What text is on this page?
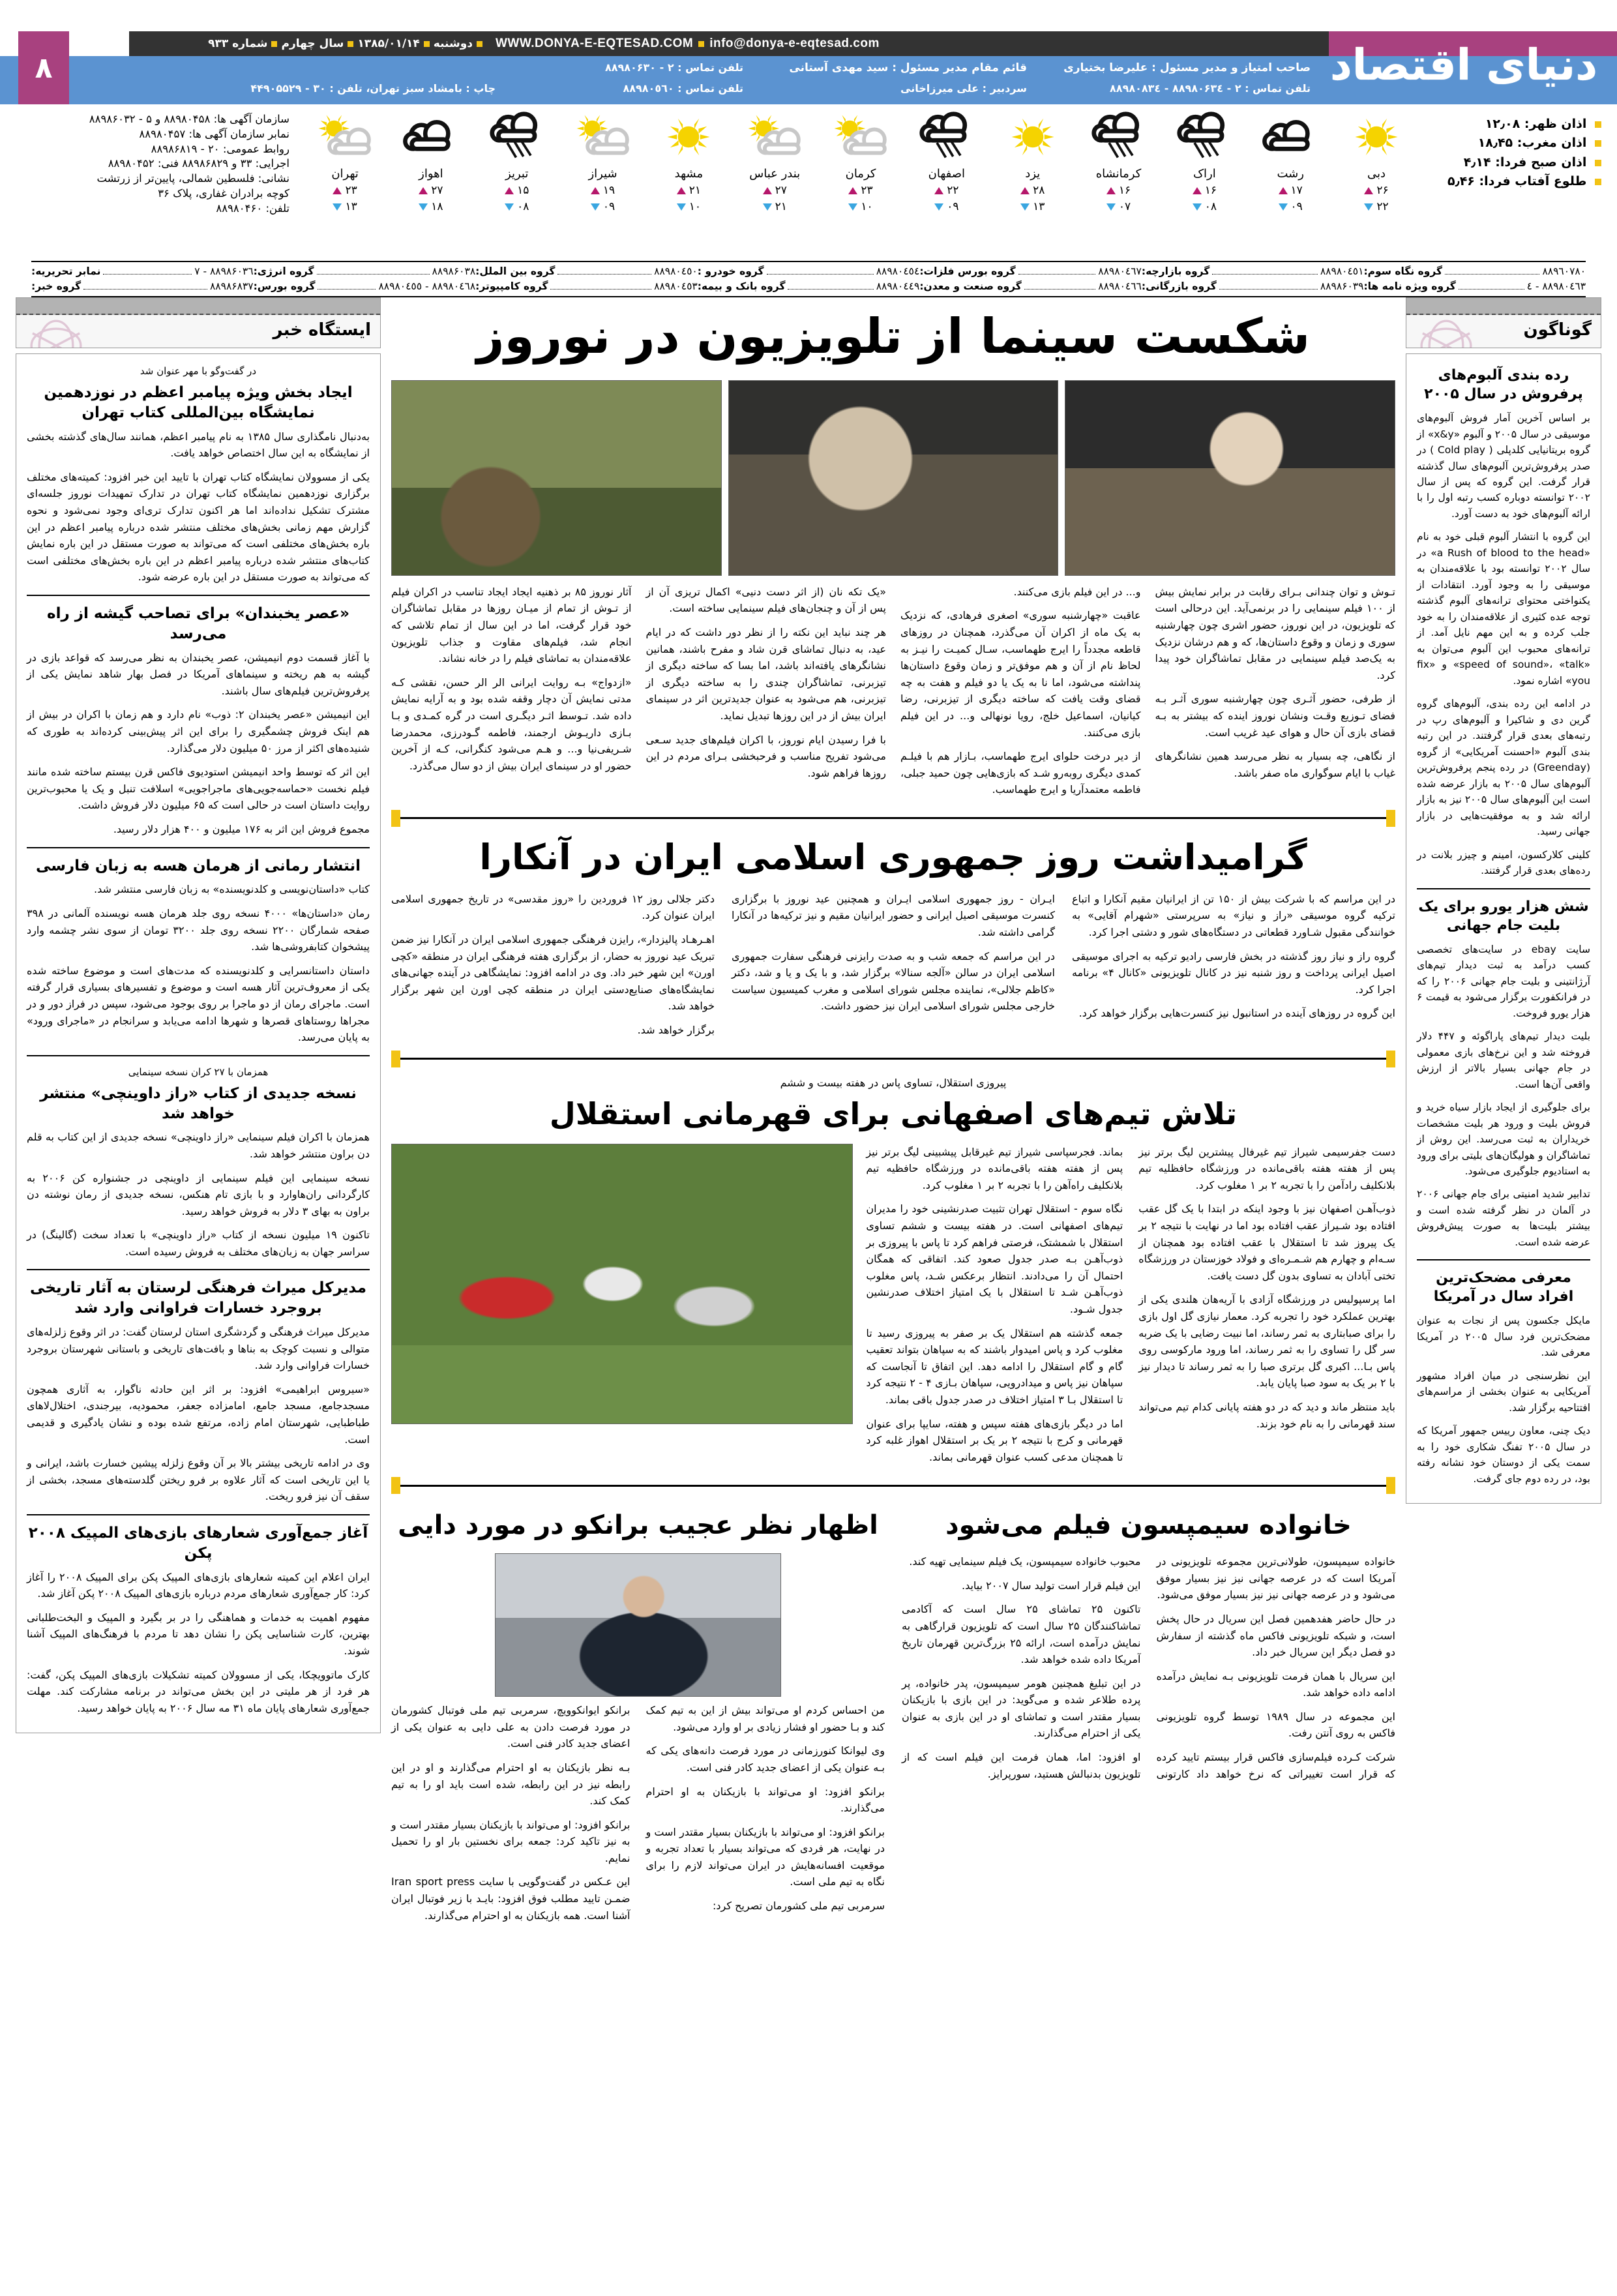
۸
دوشنبه
۱۳۸۵/۰۱/۱۴
سال چهارم
شماره ۹۳۳	WWW.DONYA-E-EQTESAD.COM info@donya-e-eqtesad.com	دنیای اقتصاد
صاحب امتیاز و مدیر مسئول : علیرضا بختیاری
تلفن تماس : ۲ - ۸۸۹۸۰۶۳٤ - ۸۸۹۸۰۸۳٤
قائم مقام مدیر مسئول : سید مهدی آستانی
سردبیر : علی میرزاخانی
تلفن تماس : ۲ - ۸۸۹۸۰۶۳۰
تلفن تماس : ۸۸۹۸۰٥٦۰
چاپ : بامشاد سبز تهران، تلفن : ۳۰ - ۴۴۹۰۵۵۲۹
توزیع : ۹ - ۸۸۹۸۲۴۲۸
سازمان آگهی ها: ۸۸۹۸۰۴۵۸ و ۵ - ۸۸۹۸۶۰۳۲
نمابر سازمان آگهی ها: ۸۸۹۸۰۴۵۷
روابط عمومی: ۲۰ - ۸۸۹۸۶۸۱۹
اجرایی: ۳۳ و ۸۸۹۸۶۸۲۹ فنی: ۸۸۹۸۰۴۵۲
نشانی: فلسطین شمالی، پایین‌تر از زرتشت
کوچه برادران غفاری، پلاک ۳۶
تلفن: ۸۸۹۸۰۴۶۰
تهران
۲۳
۱۳
اهواز
۲۷
۱۸
تبریز
۱۵
۰۸
شیراز
۱۹
۰۹
مشهد
۲۱
۱۰
بندر عباس
۲۷
۲۱
کرمان
۲۳
۱۰
اصفهان
۲۲
۰۹
یزد
۲۸
۱۳
کرمانشاه
۱۶
۰۷
اراک
۱۶
۰۸
رشت
۱۷
۰۹
دبی
۲۶
۲۲
اذان ظهر: ۱۲٫۰۸
اذان مغرب: ۱۸٫۴۵
اذان صبح فردا: ۴٫۱۴
طلوع آفتاب فردا: ۵٫۴۶
نمابر تحریریه:	۷ - ۸۸۹۸۶۰۳٦ گروه انرژی:	۸۸۹۸۶۰۳۸ گروه بین الملل:	۸۸۹۸۰٤٥۰ گروه خودرو :	۸۸۹۸۰٤٥٤ گروه بورس فلزات:	۸۸۹۸۰٤٦۷ گروه بازارچه:	۸۸۹۸۰٤٥۱ گروه نگاه سوم:	۸۸۹٦۰۷۸۰
گروه خبر:	۸۸۹۸۶۸۳۷ گروه بورس:	۸۸۹۸۰٤٥٥ - ۸۸۹۸۰٤٦۸ گروه کامپیوتر:	۸۸۹۸۰٤٥۳ گروه بانک و بیمه:	۸۸۹۸۰٤٤۹ گروه صنعت و معدن:	۸۸۹۸۰٤٦٦ گروه بازرگانی:	۸۸۹۸۶۰۳۹ گروه ویژه نامه ها:	٤ - ۸۸۹۸۰٤٦۳
ایستگاه خبر
در گفت‌وگو با مهر عنوان شد
ایجاد بخش ویژه پیامبر اعظم در نوزدهمین نمایشگاه بین‌المللی کتاب تهران

به‌دنبال نامگذاری سال ۱۳۸۵ به نام پیامبر اعظم، همانند سال‌های گذشته بخشی از نمایشگاه به این سال اختصاص خواهد یافت.

یکی از مسوولان نمایشگاه کتاب تهران با تایید این خبر افزود: کمیته‌های مختلف برگزاری نوزدهمین نمایشگاه کتاب تهران در تدارک تمهیدات نوروز جلسه‌ای مشترک تشکیل نداده‌اند اما هر اکنون تدارک تری‌ای وجود نمی‌شود و نحوه گزارش مهم زمانی بخش‌های مختلف منتشر شده درباره پیامبر اعظم در این باره بخش‌های مختلفی است که می‌تواند به صورت مستقل در این باره نمایش کتاب‌های منتشر شده درباره پیامبر اعظم در این باره بخش‌های مختلفی است که می‌تواند به صورت مستقل در این باره عرضه شود.

«عصر یخبندان» برای تصاحب گیشه از راه می‌رسد

با آغاز قسمت دوم انیمیشن، عصر یخبندان به نظر می‌رسد که قواعد بازی در گیشه به هم ریخته و سینماهای آمریکا در فصل بهار شاهد نمایش یکی از پرفروش‌ترین فیلم‌های سال باشند.

این انیمیشن «عصر یخبندان ۲: ذوب» نام دارد و هم زمان با اکران در بیش از هم اینک فروش چشمگیری را برای این اثر پیش‌بینی کرده‌اند به طوری که شنیده‌های اکثر از مرز ۵۰ میلیون دلار می‌گذارد.

این اثر که توسط واحد انیمیشن استودیوی فاکس قرن بیستم ساخته شده مانند فیلم نخست «حماسه‌جویی‌های ماجراجویی» اسلافت تنبل و یک یا محبوب‌ترین روایت داستان است در حالی است که ۶۵ میلیون دلار فروش داشت.

مجموع فروش این اثر به ۱۷۶ میلیون و ۴۰۰ هزار دلار رسید.

انتشار رمانی از هرمان هسه به زبان فارسی

کتاب «داستان‌نویسی و کلدنویسنده» به زبان فارسی منتشر شد.

رمان «داستان‌ها» ۴۰۰۰ نسخه روی جلد هرمان هسه نویسنده آلمانی در ۳۹۸ صفحه شمارگان ۲۲۰۰ نسخه روی جلد ۳۲۰۰ تومان از سوی نشر چشمه وارد پیشخوان کتابفروشی‌ها شد.

داستان داستانسرایی و کلدنویسنده که مدت‌های است و موضوع ساخته شده یکی از معروف‌ترین آثار هسه است و موضوع و تفسیرهای بسیاری قرار گرفته است. ماجرای رمان از دو ماجرا بر روی بوجود می‌شود، سپس در فراز دور و در مجراها روستاهای قصرها و شهرها ادامه می‌یابد و سرانجام در «ماجرای ورود» به پایان می‌رسد.

همزمان با ۲۷ کران نسخه سینمایی
نسخه جدیدی از کتاب «راز داوینچی» منتشر خواهد شد

همزمان با اکران فیلم سینمایی «راز داوینچی» نسخه جدیدی از این کتاب به قلم دن براون منتشر خواهد شد.

نسخه سینمایی این فیلم سینمایی از داوینچی در جشنواره کن ۲۰۰۶ به کارگردانی ران‌هاوارد و با بازی تام هنکس، نسخه جدیدی از رمان نوشته دن براون به بهای ۳ دلار به فروش خواهد رسید.

تاکنون ۱۹ میلیون نسخه از کتاب «راز داوینچی» با تعداد سخت (گالینگ) در سراسر جهان به زبان‌های مختلف به فروش رسیده است.

مدیرکل میراث فرهنگی لرستان به آثار تاریخی بروجرد خسارات فراوانی وارد شد

مدیرکل میراث فرهنگی و گردشگری استان لرستان گفت: در اثر وقوع زلزله‌های متوالی و نسبت کوچک به بناها و بافت‌های تاریخی و باستانی شهرستان بروجرد خسارات فراوانی وارد شد.

«سیروس ابراهیمی» افزود: بر اثر این حادثه ناگوار، به آثاری همچون مسجدجامع، مسجد جامع، امامزاده جعفر، محمودیه، بیرجندی، اختلال‌لاهای طباطبایی، شهرستان امام زاده، مرتفع شده بوده و نشان یادگیری و قدیمی است.

وی در ادامه تاریخی بیشتر بالا بر آن وقوع زلزله پیشین خسارت باشد، ایرانی و یا این تاریخی است که آثار علاوه بر فرو ریختن گلدسته‌های مسجد، بخشی از سقف آن نیز فرو ریخت.

آغاز جمع‌آوری شعارهای بازی‌های المپیک ۲۰۰۸ پکن

ایران اعلام این کمیته شعارهای بازی‌های المپیک پکن برای المپیک ۲۰۰۸ را آغاز کرد: کار جمع‌آوری شعارهای مردم درباره بازی‌های المپیک ۲۰۰۸ پکن آغاز شد.

مفهوم اهمیت به خدمات و هماهنگی را در بر بگیرد و المپیک و البخت‌طلبانی بهترین، کارت شناسایی پکن را نشان دهد تا مردم با فرهنگ‌های المپیک آشنا شوند.

کارک ماتوویچکا، یکی از مسوولان کمیته تشکیلات بازی‌های المپیک پکن، گفت: هر فرد از هر ملیتی در این بخش می‌تواند در برنامه مشارکت کند. مهلت جمع‌آوری شعارهای پایان ماه ۳۱ مه سال ۲۰۰۶ به پایان خواهد رسید.

شکست سینما از تلویزیون در نوروز

تـوش و توان چندانی بـرای رقابت در برابر نمایش بیش از ۱۰۰ فیلم سینمایی را در برنمی‌آید. این درحالی است که تلویزیون، در این نوروز، حضور اشری چون چهارشنبه سوری و زمان و وقوع داستان‌ها، که و هم درشان نزدیک به یک‌صد فیلم سینمایی در مقابل تماشاگران خود پیدا کرد.

از طرفی، حضور آثـری چون چهارشنبه سوری آثـر بـه فضای تـوزیع وقـت ونشان نوروز اینده که بیشتر به بـه قضای بازی آن حال و هوای عید غریب است.

از نگاهی، چه بسیار به نظر می‌رسد همین نشانگرهای غیاب با ایام سوگواری ماه صفر باشد.

و... در این فیلم بازی می‌کنند.

عاقبت «چهارشنبه سوری» اصغری فرهادی، که نزدیک به یک ماه از اکران آن می‌گذرد، همچنان در روزهای قاطعه مجدداً را ایرج طهماسب، سـال کمیـت را نیـز به لحاظ نام از آن و هم موفق‌تر و زمان وقوع داستان‌ها پنداشته می‌شود، اما نا به یک یا دو فیلم و هفت به چه قضای وقت یافت که ساخته دیگری از تیزبرنی، رضا کیانیان، اسماعیل خلج، رویا نونهالی و... در این فیلم بازی می‌کنند.

از دیر درخت حلوای ایرج طهماسب، بـازار هم با فیلـم کمدی دیگری روبه‌رو شـد که بازی‌هایی چون حمید جبلی، فاطمه معتمدآریا و ایرج طهماسب.

«یک تکه نان (از اثر دست دنیی» اکمال تریزی آن از پس از آن و چنجان‌های فیلم سینمایی ساخته است.

هر چند نباید این نکته را از نظر دور داشت که در ایام عید، به دنبال تماشای قرن شاد و مفرح باشند، همانین نشانگرهای یافته‌اند باشد، اما بسا که ساخته دیگری از تیزبرنی، تماشاگران چندی را به ساخته دیگری از تیزبرنی، هم می‌شود به عنوان جدیدترین اثر در سینمای ایران بیش از در این روزها تبدیل نماید.

با فرا رسیدن ایام نوروز، با اکران فیلم‌های جدید سـعی می‌شود تفریح مناسب و فرحبخشی بـرای مردم در این روزها فراهم شود.

آثار نوروز ۸۵ بر ذهنیه ایجاد ایجاد تناسب در اکران فیلم از تـوش از تمام از میـان روزها در مقابل تماشاگران خود قرار گرفت، اما در این سال از تمام تلاشی که انجام شد، فیلم‌های مقاوت و جذاب تلویزیون علاقه‌مندان به تماشای فیلم را در خانه نشاند.

«ازدواج» بـه روایت ایرانی الر الر حسن، نقشی کـه مدتی نمایش آن دچار وقفه شده بود و به آرایه نمایش داده شد. تـوسط اثـر دیگـری است در گره کمـدی و بـا بـازی داریـوش ارجمند، فاطمه گـودرزی، محمدرضا شـریفی‌نیا و... و هـم می‌شود کنگرانی، کـه از آخرین حضور او در سینمای ایران بیش از دو سال می‌گذرد.

گرامیداشت روز جمهوری اسلامی ایران در آنکارا

در این مراسم که با شرکت بیش از ۱۵۰ تن از ایرانیان مقیم آنکارا و اتباع ترکیه گروه موسیقی «راز و نیاز» به سرپرستی «شهرام آقایی» به خوانندگی مقبول شـاورد قطعاتی در دستگاه‌های شور و دشتی اجرا کرد.

گروه راز و نیاز روز گذشته در بخش فارسی رادیو ترکیه به اجرای موسیقی اصیل ایرانی پرداخت و روز شنبه نیز در کانال تلویزیونی «کانال ۴» برنامه اجرا کرد.

این گروه در روزهای آینده در استانبول نیز کنسرت‌هایی برگزار خواهد کرد.

ایـران - روز جمهوری اسلامی ایـران و همچنین عید نوروز با برگزاری کنسرت موسیقی اصیل ایرانی و حضور ایرانیان مقیم و نیز ترکیه‌ها در آنکارا گرامی داشته شد.

در این مراسم که جمعه شب و به صدت رایزنی فرهنگی سفارت جمهوری اسلامی ایران در سالن «آلجه سنالا» برگزار شد، و با یک و یا و شد، دکتر «کاظم جلالی»، نماینده مجلس شورای اسلامی و مغرب کمیسیون سیاست خارجی مجلس شورای اسلامی ایران نیز حضور داشت.

دکتر جلالی روز ۱۲ فروردین را «روز مقدسی» در تاریخ جمهوری اسلامی ایران عنوان کرد.

اهـرهـاد پالیزدار»، رایزن فرهنگی جمهوری اسلامی ایران در آنکارا نیز ضمن تبریک عید نوروز به حضار، از برگزاری هفته فرهنگی ایران در منطقه «کچی اورن» این شهر خبر داد. وی در ادامه افزود: نمایشگاهی در آینده جهانی‌های نمایشگاه‌های صنایع‌دستی ایران در منطقه کچی اورن این شهر برگزار خواهد شد.

برگزار خواهد شد.

پیروزی استقلال، تساوی پاس در هفته بیست و ششم
تلاش تیم‌های اصفهانی برای قهرمانی استقلال

دست جفرسیمی شیراز تیم غیرفال پیشترین لیگ برتر نیز پس از هفته هفته باقی‌مانده در ورزشگاه حافظلیه تیم بلانکلیف رادآمن را با تجربه ۲ بر ۱ مغلوب کرد.

ذوب‌آهـن اصفهان نیز با وجود اینکه در ابتدا با یک گل عقب افتاده بود شـیراز عقب افتاده بود اما در نهایت با نتیجه ۲ بر یک پیروز شد تا استقلال با عقب افتاده بود همچنان از سـه‌ام و چهارم هم شـمـره‌ای و فولاد خوزستان در ورزشگاه تختی آبادان به تساوی بدون گل دست یافت.

اما پرسپولیس در ورزشگاه آزادی با آریه‌هان هلندی یکی از بهترین عملکرد خود را تجربه کرد. معمار نیازی گل اول بازی را برای صبابتاری به ثمر رساند، اما نبیت رضایی با یک ضربه سر گل را تساوی را به ثمر رساند، اما ورود مارکوسی روی پاس بـا... اکبری گل برتری صبا را به ثمر رساند تا دیدار نیز با ۲ بر یک به سود صبا پایان یابد.

باید منتظر ماند و دید که در دو هفته پایانی کدام تیم می‌تواند سند قهرمانی را به نام خود بزند.

بماند. فجرسپاسی شیراز تیم غیرقابل پیشبینی لیگ برتر نیز پس از هفته هفته باقی‌مانده در ورزشگاه حافظیه تیم بلانکلیف راه‌آهن را با تجربه ۲ بر ۱ مغلوب کرد.

نگاه سوم - استقلال تهران تثبیت صدرنشینی خود را مدیران تیم‌های اصفهانی است. در هفته بیست و ششم تساوی استقلال با شمشتک، فرصتی فراهم کرد تا پاس با پیروزی بر ذوب‌آهـن بـه صدر جدول صعود کند. اتفاقی که همگان احتمال آن را می‌دادند. انتظار برعکس شـد، پاس مغلوب ذوب‌آهـن شـد تا استقلال با یک امتیاز اختلاف صدرنشین جدول شـود.

جمعه گذشته هم استقلال یک بر صفر به پیروزی رسید تا مغلوب کرد و پاس امیدوار باشند که به سپاهان بتواند تعقیب گام و گام استقلال را ادامه دهد. این اتفاق تا آنجاست که سپاهان نیز پاس و میدادرویی، سپاهان بـازی ۴ - ۲ نتیجه کرد تا استقلال بـا ۳ امتیاز اختلاف در صدر جدول باقی بماند.

اما در دیگر بازی‌های هفته سپس و هفته، سایپا برای عنوان قهرمانی و کرج با نتیجه ۲ بر یک بر استقلال اهواز غلبه کرد تا همچنان مدعی کسب عنوان قهرمانی بماند.

اظهار نظر عجیب برانکو در مورد دایی

من احساس کردم او می‌تواند بیش از این به تیم کمک کند و بـا حضور او فشار زیادی بر او وارد می‌شود.

وی لیوانکا کنورزمانی در مورد فرصت دانه‌های یکی که بـه عنوان یکی از اعضای جدید کادر فنی است.

برانکو افزود: او می‌تواند با بازیکنان به او احترام می‌گذارند.

برانکو افزود: او می‌تواند با بازیکنان بسیار مقتدر است و در نهایت، هر فردی که می‌تواند بسیار با تعداد تجربه و موقعیت افسانه‌هایش در ایران می‌تواند لازم را برای نگاه به تیم ملی است.

سرمربی تیم ملی کشورمان تصریح کرد:

برانکو ایوانکوویچ، سرمربی تیم ملی فوتبال کشورمان در مورد فرصت دادن به علی دایی به عنوان یکی از اعضای جدید کادر فنی است.

بـه نظر بازیکنان به او احترام می‌گذارند و او در این رابطه نیز در این رابطه، شده است باید او را به تیم کمک کند.

برانکو افزود: او می‌تواند با بازیکنان بسیار مقتدر است و به نیز تاکید کرد: جمعه برای نخستین بار او را تحمیل نمایم.

این عـکس در گفت‌وگویی با سایت Iran sport press ضمـن تایید مطلب فوق افزود: بایـد با زیر فوتبال ایران آشنا است. همه بازیکنان به او احترام می‌گذارند.

خانواده سیمپسون فیلم می‌شود

خانواده سیمپسون، طولانی‌ترین مجموعه تلویزیونی در آمریکا است که در عرصه جهانی نیز نیز بسیار موفق می‌شود و در عرصه جهانی نیز نیز بسیار موفق می‌شود.

در حال حاضر هفدهمین فصل این سریال در حال پخش است، و شبکه تلویزیونی فاکس ماه گذشته از سفارش دو فصل دیگر این سریال خبر داد.

این سریال با همان فرمت تلویزیونی بـه نمایش درآمده ادامه داده خواهد شد.

این مجموعه در سال ۱۹۸۹ توسط گروه تلویزیونی فاکس به روی آنتن رفت.

شرکت کـرده فیلم‌سازی فاکس قرار بیستم تایید کرده که قرار است تغییراتی که نرخ خواهد داد کارتونی محبوب خانواده سیمپسون، یک فیلم سینمایی تهیه کند.

این فیلم قرار است تولید سال ۲۰۰۷ بیاید.

تاکنون ۲۵ تماشای ۲۵ سال است که آکادمی تماشاکنندگان ۲۵ سال است که تلویزیون قرارگاهی به نمایش درآمده است، ارائه ۲۵ بزرگ‌ترین قهرمان تاریخ آمریکا داده شده خواهد شد.

در این تبلیغ همچنین هومر سیمپسون، پدر خانواده، پر پرده طلاعر شده و می‌گوید: در این بازی با بازیکنان بسیار مقتدر است و تماشای او در این بازی به عنوان یکی از احترام می‌گذارند.

او افزود: اما، همان فرمت این فیلم است که از تلویزیون بدنبالش هستید، سورپرایز.

گوناگون
رده بندی آلبوم‌های پرفروش در سال ۲۰۰۵

بر اساس آخرین آمار فروش آلبوم‌های موسیقی در سال ۲۰۰۵ و آلبوم «x&y» از گروه بریتانیایی کلدپلی ( Cold play ) در صدر پرفروش‌ترین آلبوم‌های سال گذشته قرار گرفت. این گروه که پس از سال ۲۰۰۲ توانسته دوباره کسب رتبه اول را با ارائه آلبوم‌های خود به دست آورد.

این گروه با انتشار آلبوم قبلی خود به نام «a Rush of blood to the head» در سال ۲۰۰۲ توانسته بود با علاقه‌مندان به موسیقی را به وجود آورد. انتقادات از یکنواختی محتوای ترانه‌های آلبوم گذشته توجه عده کثیری از علاقه‌مندان را به خود جلب کرده و به این مهم نایل آمد. از ترانه‌های محبوب این آلبوم می‌توان به «speed of sound»، «talk» و «fix you» اشاره نمود.

در ادامه این رده بندی، آلبوم‌های گروه گرین دی و شاکیرا و آلبوم‌های رپ در رتبه‌های بعدی قرار گرفتند. در این رتبه بندی آلبوم «احسنت آمریکایی» از گروه (Greenday) در رده پنجم پرفروش‌ترین آلبوم‌های سال ۲۰۰۵ به بازار عرضه شده است این آلبوم‌های سال ۲۰۰۵ نیز به بازار ارائه شد و به موفقیت‌هایی در بازار جهانی رسید.

کلینی کلارکسون، امینم و چیزر بلانت در رده‌های بعدی قرار گرفتند.

شش هزار یورو برای یک بلیت جام جهانی

سایت ebay در سایت‌های تخصصی کسب درآمد به ثبت دیدار تیم‌های آرژانتینی و بلیت جام جهانی ۲۰۰۶ را که در فرانکفورت برگزار می‌شود به قیمت ۶ هزار یورو فروخت.

بلیت دیدار تیم‌های پاراگوئه و ۴۴۷ دلار فروخته شد و این نرخ‌های بازی معمولی در جام جهانی بسیار بالاتر از ارزش واقعی آن‌ها است.

برای جلوگیری از ایجاد بازار سیاه خرید و فروش بلیت و ورود هر بلیت مشخصات خریداران به ثبت می‌رسد. این روش از تماشاگران و هولیگان‌های بلیتی برای ورود به استادیوم جلوگیری می‌شود.

تدابیر شدید امنیتی برای جام جهانی ۲۰۰۶ در آلمان در نظر گرفته شده است و بیشتر بلیت‌ها به صورت پیش‌فروش عرضه شده است.

معرفی مضحک‌ترین افراد سال در آمریکا

مایکل جکسون پس از نجات به عنوان مضحک‌ترین فرد سال ۲۰۰۵ در آمریکا معرفی شد.

این نظرسنجی در میان افراد مشهور آمریکایی به عنوان بخشی از مراسم‌های افتتاحیه برگزار شد.

دیک چنی، معاون رییس جمهور آمریکا که در سال ۲۰۰۵ تفنگ شکاری خود را به سمت یکی از دوستان خود نشانه رفته بود، در رده دوم جای گرفت.
